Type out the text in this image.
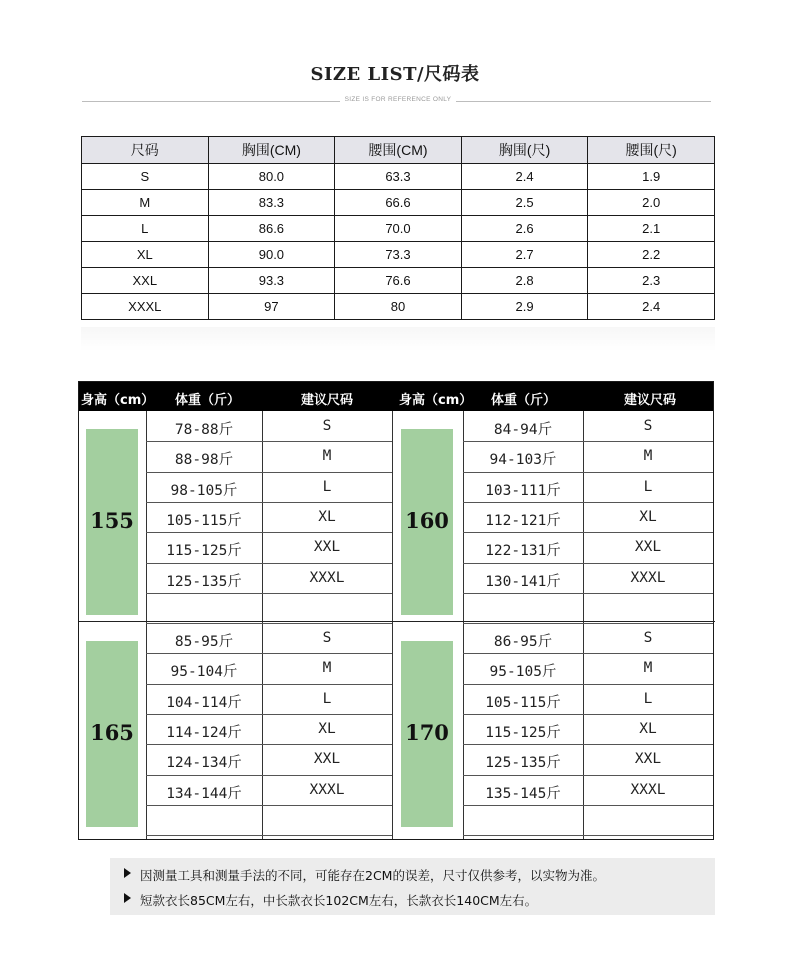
SIZE LIST/尺码表
SIZE IS FOR REFERENCE ONLY
尺码	胸围(CM)	腰围(CM)	胸围(尺)	腰围(尺)
S	80.0	63.3	2.4	1.9
M	83.3	66.6	2.5	2.0
L	86.6	70.0	2.6	2.1
XL	90.0	73.3	2.7	2.2
XXL	93.3	76.6	2.8	2.3
XXXL	97	80	2.9	2.4
身高（cm） 体重（斤）	建议尺码	身高（cm） 体重（斤）	建议尺码
155
78-88斤	S
88-98斤	M
98-105斤	L
105-115斤	XL
115-125斤	XXL
125-135斤	XXXL
160
84-94斤	S
94-103斤	M
103-111斤	L
112-121斤	XL
122-131斤	XXL
130-141斤	XXXL
165
85-95斤	S
95-104斤	M
104-114斤	L
114-124斤	XL
124-134斤	XXL
134-144斤	XXXL
170
86-95斤	S
95-105斤	M
105-115斤	L
115-125斤	XL
125-135斤	XXL
135-145斤	XXXL
因测量工具和测量手法的不同，可能存在2CM的误差，尺寸仅供参考，以实物为准。
短款衣长85CM左右，中长款衣长102CM左右，长款衣长140CM左右。
